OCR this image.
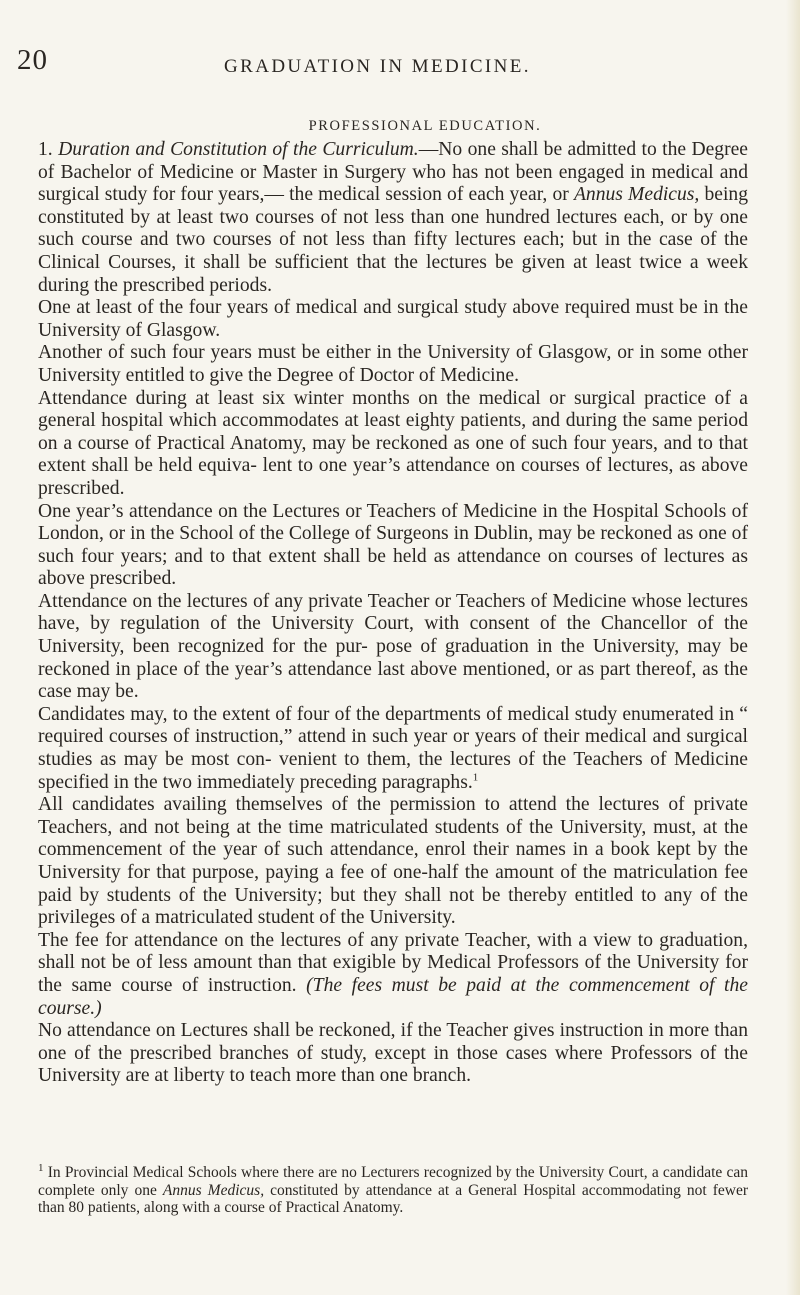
20	GRADUATION IN MEDICINE.
PROFESSIONAL EDUCATION.

1. Duration and Constitution of the Curriculum.—No one shall be admitted to the Degree of Bachelor of Medicine or Master in Surgery who has not been engaged in medical and surgical study for four years,— the medical session of each year, or Annus Medicus, being constituted by at least two courses of not less than one hundred lectures each, or by one such course and two courses of not less than fifty lectures each; but in the case of the Clinical Courses, it shall be sufficient that the lectures be given at least twice a week during the prescribed periods.

One at least of the four years of medical and surgical study above required must be in the University of Glasgow.

Another of such four years must be either in the University of Glasgow, or in some other University entitled to give the Degree of Doctor of Medicine.

Attendance during at least six winter months on the medical or surgical practice of a general hospital which accommodates at least eighty patients, and during the same period on a course of Practical Anatomy, may be reckoned as one of such four years, and to that extent shall be held equiva- lent to one year’s attendance on courses of lectures, as above prescribed.

One year’s attendance on the Lectures or Teachers of Medicine in the Hospital Schools of London, or in the School of the College of Surgeons in Dublin, may be reckoned as one of such four years; and to that extent shall be held as attendance on courses of lectures as above prescribed.

Attendance on the lectures of any private Teacher or Teachers of Medicine whose lectures have, by regulation of the University Court, with consent of the Chancellor of the University, been recognized for the pur- pose of graduation in the University, may be reckoned in place of the year’s attendance last above mentioned, or as part thereof, as the case may be.

Candidates may, to the extent of four of the departments of medical study enumerated in “ required courses of instruction,” attend in such year or years of their medical and surgical studies as may be most con- venient to them, the lectures of the Teachers of Medicine specified in the two immediately preceding paragraphs.$^1$

All candidates availing themselves of the permission to attend the lectures of private Teachers, and not being at the time matriculated students of the University, must, at the commencement of the year of such attendance, enrol their names in a book kept by the University for that purpose, paying a fee of one-half the amount of the matriculation fee paid by students of the University; but they shall not be thereby entitled to any of the privileges of a matriculated student of the University.

The fee for attendance on the lectures of any private Teacher, with a view to graduation, shall not be of less amount than that exigible by Medical Professors of the University for the same course of instruction. (The fees must be paid at the commencement of the course.)

No attendance on Lectures shall be reckoned, if the Teacher gives instruction in more than one of the prescribed branches of study, except in those cases where Professors of the University are at liberty to teach more than one branch.

$^1$ In Provincial Medical Schools where there are no Lecturers recognized by the University Court, a candidate can complete only one Annus Medicus, constituted by attendance at a General Hospital accommodating not fewer than 80 patients, along with a course of Practical Anatomy.
